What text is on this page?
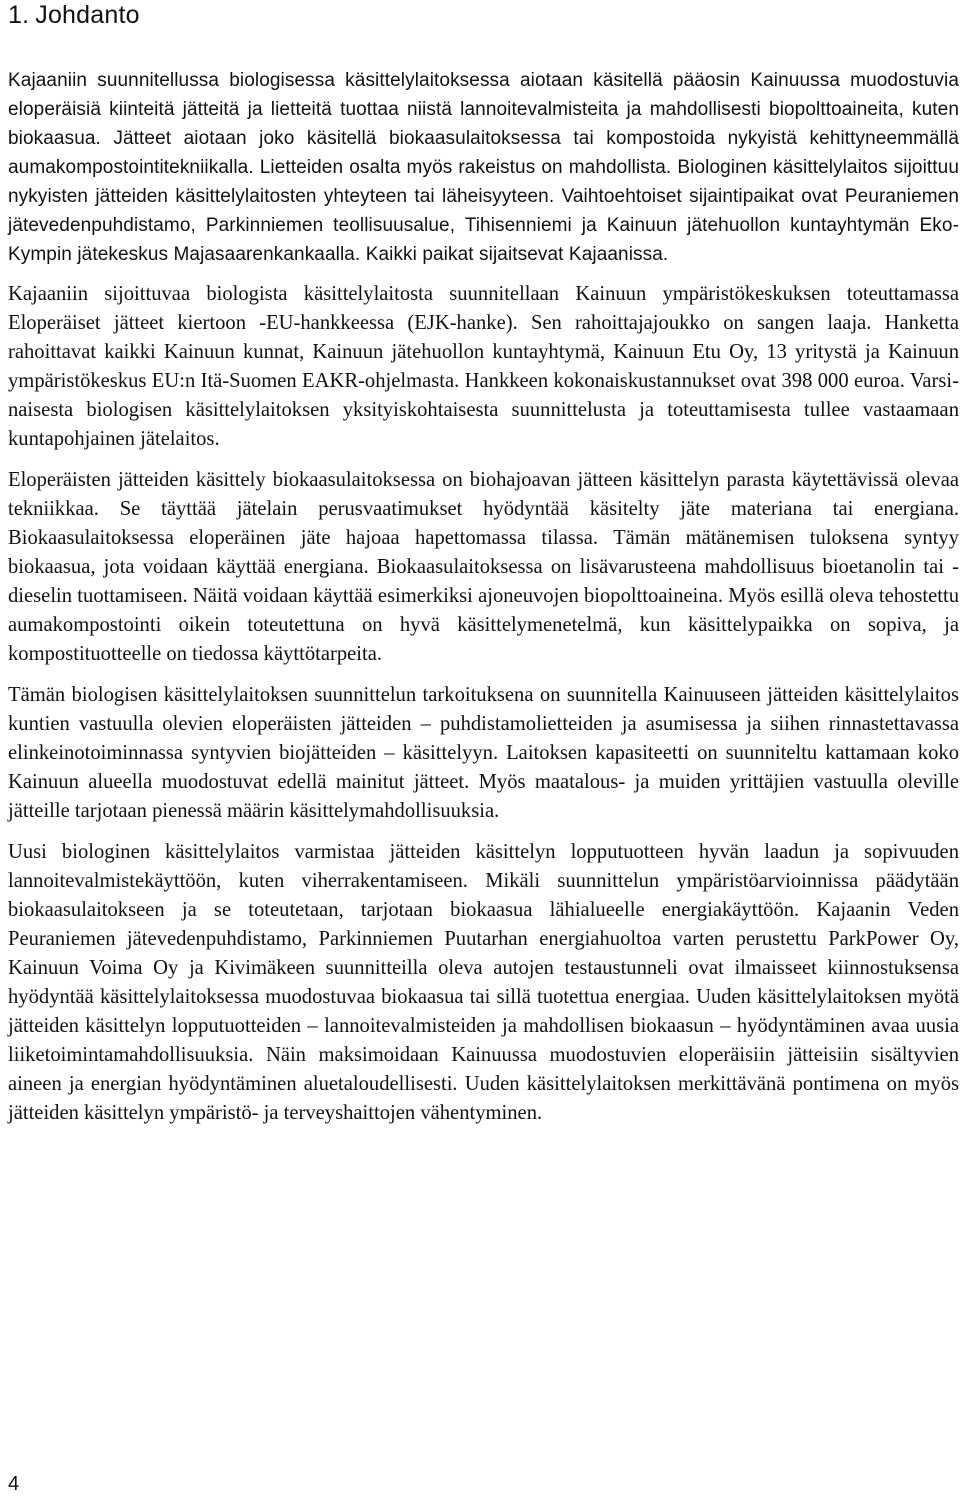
1. Johdanto

Kajaaniin suunnitellussa biologisessa käsittelylaitoksessa aiotaan käsitellä pääosin Kainuussa muodostuvia eloperäisiä kiinteitä jätteitä ja lietteitä tuottaa niistä lannoitevalmisteita ja mahdollisesti biopolttoaineita, kuten biokaasua. Jätteet aiotaan joko käsitellä biokaasulaitoksessa tai kompostoida nykyistä kehittyneemmällä aumakompostointitekniikalla. Lietteiden osalta myös rakeistus on mahdollista. Biologinen käsittelylaitos sijoittuu nykyisten jätteiden käsittelylaitosten yhteyteen tai läheisyyteen. Vaihtoehtoiset sijaintipaikat ovat Peuraniemen jätevedenpuhdistamo, Parkinniemen teollisuusalue, Tihisenniemi ja Kainuun jätehuollon kuntayhtymän Eko-Kympin jätekeskus Majasaarenkankaalla. Kaikki paikat sijaitsevat Kajaanissa.

Kajaaniin sijoittuvaa biologista käsittelylaitosta suunnitellaan Kainuun ympäristökeskuksen toteuttamassa Eloperäiset jätteet kiertoon -EU-hankkeessa (EJK-hanke). Sen rahoittajajoukko on sangen laaja. Hanketta rahoittavat kaikki Kainuun kunnat, Kainuun jätehuollon kuntayhtymä, Kainuun Etu Oy, 13 yritystä ja Kainuun ympäristökeskus EU:n Itä-Suomen EAKR-ohjelmasta. Hankkeen kokonaiskustannukset ovat 398 000 euroa. Varsinaisesta biologisen käsittelylaitoksen yksityiskohtaisesta suunnittelusta ja toteuttamisesta tullee vastaamaan kuntapohjainen jätelaitos.

Eloperäisten jätteiden käsittely biokaasulaitoksessa on biohajoavan jätteen käsittelyn parasta käytettävissä olevaa tekniikkaa. Se täyttää jätelain perusvaatimukset hyödyntää käsitelty jäte materiana tai energiana. Biokaasulaitoksessa eloperäinen jäte hajoaa hapettomassa tilassa. Tämän mätänemisen tuloksena syntyy biokaasua, jota voidaan käyttää energiana. Biokaasulaitoksessa on lisävarusteena mahdollisuus bioetanolin tai -dieselin tuottamiseen. Näitä voidaan käyttää esimerkiksi ajoneuvojen biopolttoaineina. Myös esillä oleva tehostettu aumakompostointi oikein toteutettuna on hyvä käsittelymenetelmä, kun käsittelypaikka on sopiva, ja kompostituotteelle on tiedossa käyttötarpeita.

Tämän biologisen käsittelylaitoksen suunnittelun tarkoituksena on suunnitella Kainuuseen jätteiden käsittelylaitos kuntien vastuulla olevien eloperäisten jätteiden – puhdistamolietteiden ja asumisessa ja siihen rinnastettavassa elinkeinotoiminnassa syntyvien biojätteiden – käsittelyyn. Laitoksen kapasiteetti on suunniteltu kattamaan koko Kainuun alueella muodostuvat edellä mainitut jätteet. Myös maatalous- ja muiden yrittäjien vastuulla oleville jätteille tarjotaan pienessä määrin käsittelymahdollisuuksia.

Uusi biologinen käsittelylaitos varmistaa jätteiden käsittelyn lopputuotteen hyvän laadun ja sopivuuden lannoitevalmistekäyttöön, kuten viherrakentamiseen. Mikäli suunnittelun ympäristöarvioinnissa päädytään biokaasulaitokseen ja se toteutetaan, tarjotaan biokaasua lähialueelle energiakäyttöön. Kajaanin Veden Peuraniemen jätevedenpuhdistamo, Parkinniemen Puutarhan energiahuoltoa varten perustettu ParkPower Oy, Kainuun Voima Oy ja Kivimäkeen suunnitteilla oleva autojen testaustunneli ovat ilmaisseet kiinnostuksensa hyödyntää käsittelylaitoksessa muodostuvaa biokaasua tai sillä tuotettua energiaa. Uuden käsittelylaitoksen myötä jätteiden käsittelyn lopputuotteiden – lannoitevalmisteiden ja mahdollisen biokaasun – hyödyntäminen avaa uusia liiketoimintamahdollisuuksia. Näin maksimoidaan Kainuussa muodostuvien eloperäisiin jätteisiin sisältyvien aineen ja energian hyödyntäminen aluetaloudellisesti. Uuden käsittelylaitoksen merkittävänä pontimena on myös jätteiden käsittelyn ympäristö- ja terveyshaittojen vähentyminen.

4
